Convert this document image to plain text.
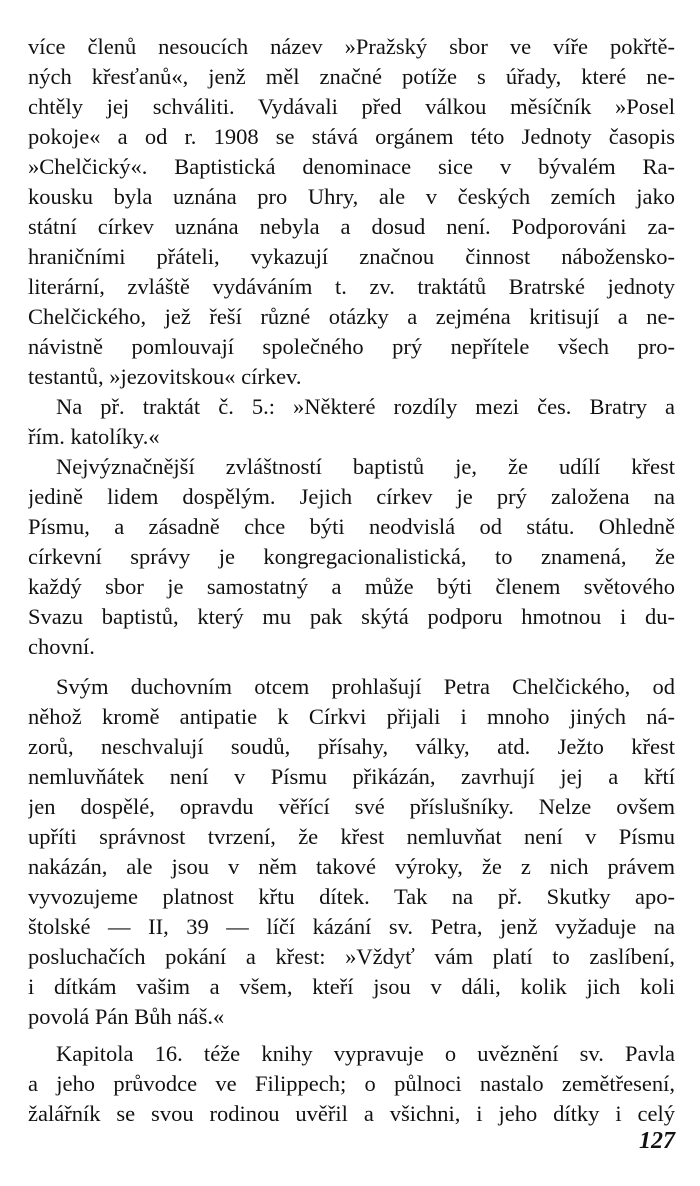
více členů nesoucích název »Pražský sbor ve víře pokřtě-

ných křesťanů«, jenž měl značné potíže s úřady, které ne-

chtěly jej schváliti. Vydávali před válkou měsíčník »Posel

pokoje« a od r. 1908 se stává orgánem této Jednoty časopis

»Chelčický«. Baptistická denominace sice v bývalém Ra-

kousku byla uznána pro Uhry, ale v českých zemích jako

státní církev uznána nebyla a dosud není. Podporováni za-

hraničními přáteli, vykazují značnou činnost nábožensko-

literární, zvláště vydáváním t. zv. traktátů Bratrské jednoty

Chelčického, jež řeší různé otázky a zejména kritisují a ne-

návistně pomlouvají společného prý nepřítele všech pro-

testantů, »jezovitskou« církev.

Na př. traktát č. 5.: »Některé rozdíly mezi čes. Bratry a

řím. katolíky.«

Nejvýznačnější zvláštností baptistů je, že udílí křest

jedině lidem dospělým. Jejich církev je prý založena na

Písmu, a zásadně chce býti neodvislá od státu. Ohledně

církevní správy je kongregacionalistická, to znamená, že

každý sbor je samostatný a může býti členem světového

Svazu baptistů, který mu pak skýtá podporu hmotnou i du-

chovní.

Svým duchovním otcem prohlašují Petra Chelčického, od

něhož kromě antipatie k Církvi přijali i mnoho jiných ná-

zorů, neschvalují soudů, přísahy, války, atd. Ježto křest

nemluvňátek není v Písmu přikázán, zavrhují jej a křtí

jen dospělé, opravdu věřící své příslušníky. Nelze ovšem

upříti správnost tvrzení, že křest nemluvňat není v Písmu

nakázán, ale jsou v něm takové výroky, že z nich právem

vyvozujeme platnost křtu dítek. Tak na př. Skutky apo-

štolské — II, 39 — líčí kázání sv. Petra, jenž vyžaduje na

posluchačích pokání a křest: »Vždyť vám platí to zaslíbení,

i dítkám vašim a všem, kteří jsou v dáli, kolik jich koli

povolá Pán Bůh náš.«

Kapitola 16. téže knihy vypravuje o uvěznění sv. Pavla

a jeho průvodce ve Filippech; o půlnoci nastalo zemětřesení,

žalářník se svou rodinou uvěřil a všichni, i jeho dítky i celý

127
